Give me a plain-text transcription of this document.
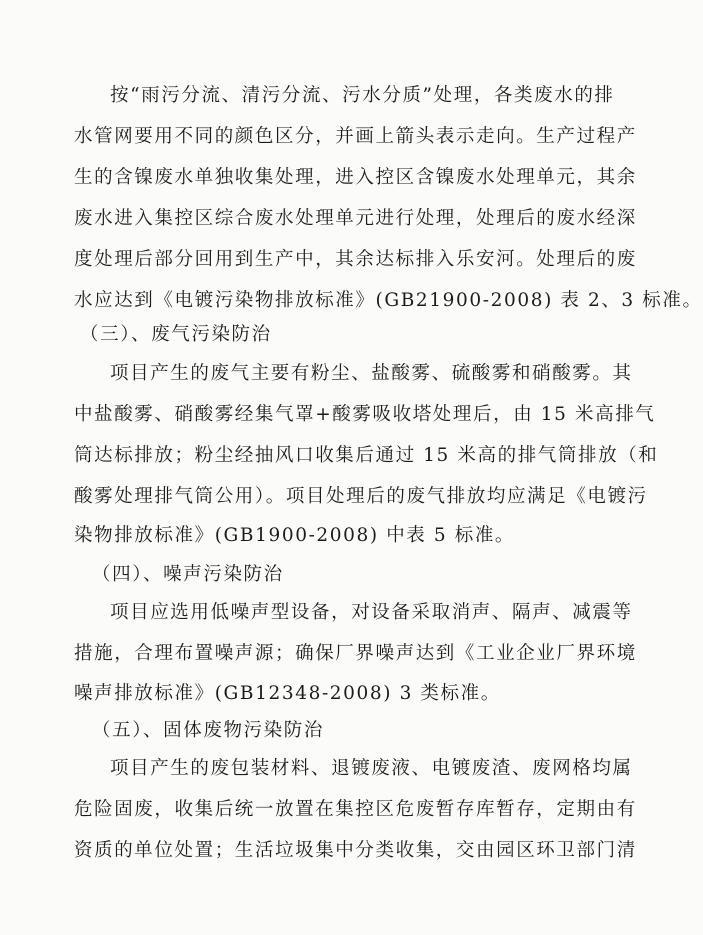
按“雨污分流、清污分流、污水分质”处理，各类废水的排
水管网要用不同的颜色区分，并画上箭头表示走向。生产过程产
生的含镍废水单独收集处理，进入控区含镍废水处理单元，其余
废水进入集控区综合废水处理单元进行处理，处理后的废水经深
度处理后部分回用到生产中，其余达标排入乐安河。处理后的废
水应达到《电镀污染物排放标准》(GB21900-2008) 表 2、3 标准。
（三）、废气污染防治
项目产生的废气主要有粉尘、盐酸雾、硫酸雾和硝酸雾。其
中盐酸雾、硝酸雾经集气罩+酸雾吸收塔处理后，由 15 米高排气
筒达标排放；粉尘经抽风口收集后通过 15 米高的排气筒排放（和
酸雾处理排气筒公用）。项目处理后的废气排放均应满足《电镀污
染物排放标准》(GB1900-2008) 中表 5 标准。
（四）、噪声污染防治
项目应选用低噪声型设备，对设备采取消声、隔声、减震等
措施，合理布置噪声源；确保厂界噪声达到《工业企业厂界环境
噪声排放标准》(GB12348-2008) 3 类标准。
（五）、固体废物污染防治
项目产生的废包装材料、退镀废液、电镀废渣、废网格均属
危险固废，收集后统一放置在集控区危废暂存库暂存，定期由有
资质的单位处置；生活垃圾集中分类收集，交由园区环卫部门清
